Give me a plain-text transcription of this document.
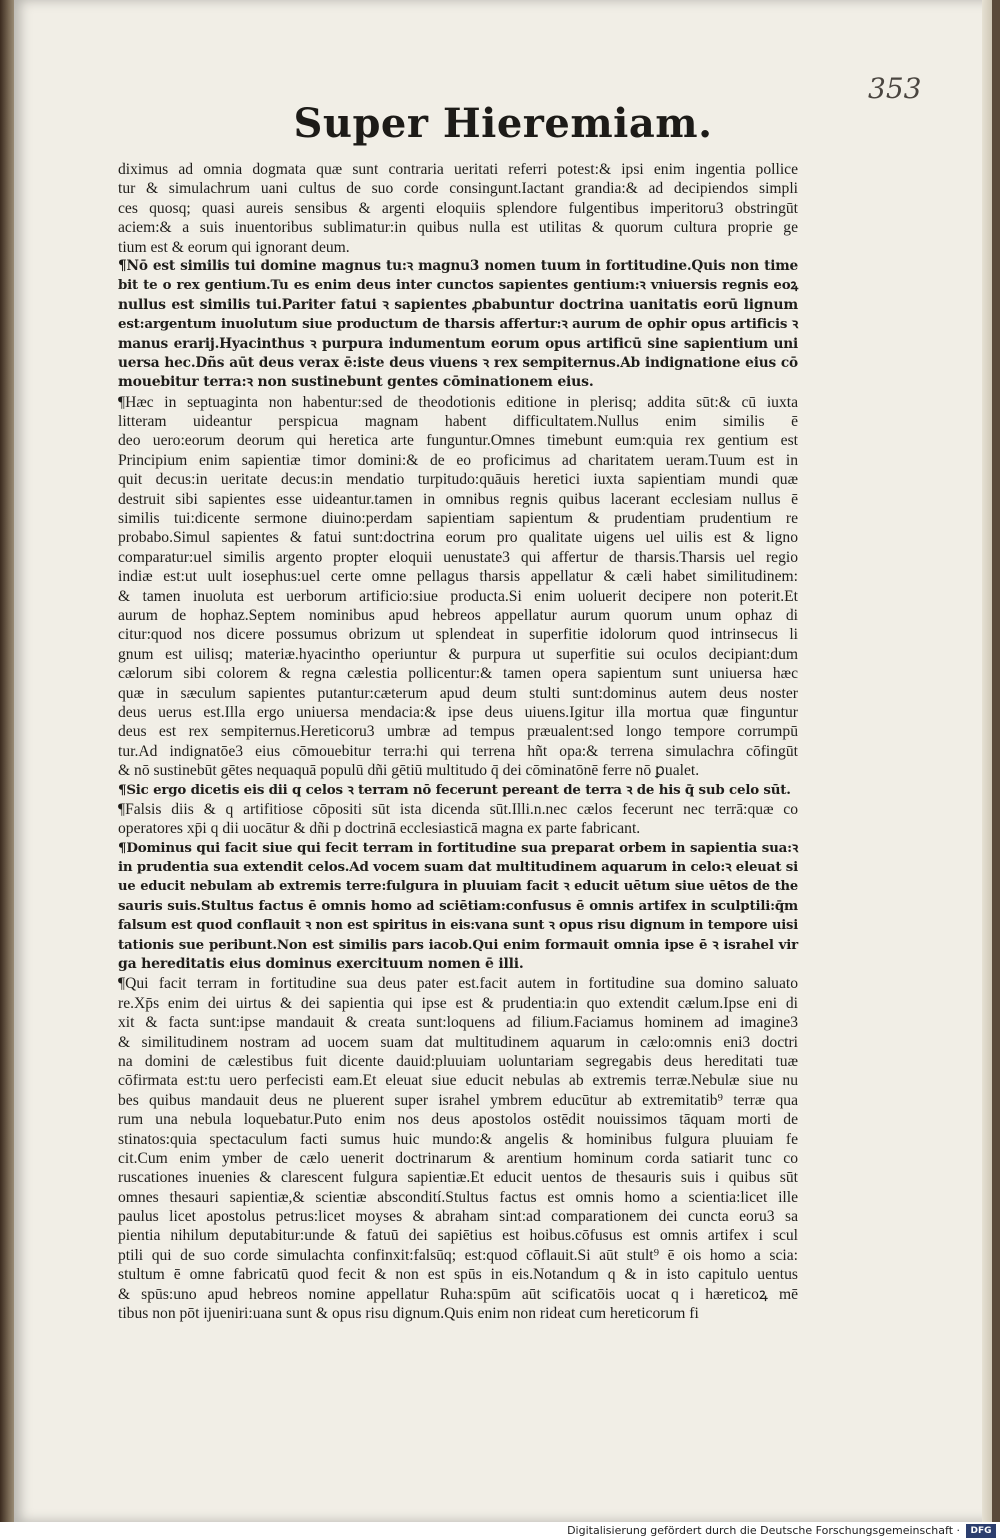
353
Super Hieremiam.
diximus ad omnia dogmata quæ sunt contraria ueritati referri potest:& ipsi enim ingentia pollice
tur & simulachrum uani cultus de suo corde consingunt.Iactant grandia:& ad decipiendos simpli
ces quosq; quasi aureis sensibus & argenti eloquiis splendore fulgentibus imperitoru3 obstringūt
aciem:& a suis inuentoribus sublimatur:in quibus nulla est utilitas & quorum cultura proprie ge
tium est & eorum qui ignorant deum.
¶Nō est similis tui domine magnus tu:ꝛ magnu3 nomen tuum in fortitudine.Quis non time
bit te o rex gentium.Tu es enim deus inter cunctos sapientes gentium:ꝛ vniuersis regnis eoꝝ
nullus est similis tui.Pariter fatui ꝛ sapientes ꝓbabuntur doctrina uanitatis eorū lignum
est:argentum inuolutum siue productum de tharsis affertur:ꝛ aurum de ophir opus artificis ꝛ
manus erarij.Hyacinthus ꝛ purpura indumentum eorum opus artificū sine sapientium uni
uersa hec.Dñs aūt deus verax ē:iste deus viuens ꝛ rex sempiternus.Ab indignatione eius cō
mouebitur terra:ꝛ non sustinebunt gentes cōminationem eius.
¶Hæc in septuaginta non habentur:sed de theodotionis editione in plerisq; addita sūt:& cū iuxta
litteram uideantur perspicua magnam habent difficultatem.Nullus enim similis ē
deo uero:eorum deorum qui heretica arte funguntur.Omnes timebunt eum:quia rex gentium est
Principium enim sapientiæ timor domini:& de eo proficimus ad charitatem ueram.Tuum est in
quit decus:in ueritate decus:in mendatio turpitudo:quāuis heretici iuxta sapientiam mundi quæ
destruit sibi sapientes esse uideantur.tamen in omnibus regnis quibus lacerant ecclesiam nullus ē
similis tui:dicente sermone diuino:perdam sapientiam sapientum & prudentiam prudentium re
probabo.Simul sapientes & fatui sunt:doctrina eorum pro qualitate uigens uel uilis est & ligno
comparatur:uel similis argento propter eloquii uenustate3 qui affertur de tharsis.Tharsis uel regio
indiæ est:ut uult iosephus:uel certe omne pellagus tharsis appellatur & cæli habet similitudinem:
& tamen inuoluta est uerborum artificio:siue producta.Si enim uoluerit decipere non poterit.Et
aurum de hophaz.Septem nominibus apud hebreos appellatur aurum quorum unum ophaz di
citur:quod nos dicere possumus obrizum ut splendeat in superfitie idolorum quod intrinsecus li
gnum est uilisq; materiæ.hyacintho operiuntur & purpura ut superfitie sui oculos decipiant:dum
cælorum sibi colorem & regna cælestia pollicentur:& tamen opera sapientum sunt uniuersa hæc
quæ in sæculum sapientes putantur:cæterum apud deum stulti sunt:dominus autem deus noster
deus uerus est.Illa ergo uniuersa mendacia:& ipse deus uiuens.Igitur illa mortua quæ finguntur
deus est rex sempiternus.Hereticoru3 umbræ ad tempus præualent:sed longo tempore corrumpū
tur.Ad indignatōe3 eius cōmouebitur terra:hi qui terrena hñt opa:& terrena simulachra cōfingūt
& nō sustinebūt gētes nequaquā populū dñi gētiū multitudo q̄ dei cōminatōnē ferre nō ꝑualet.
¶Sic ergo dicetis eis dii q celos ꝛ terram nō fecerunt pereant de terra ꝛ de his q̄ sub celo sūt.
¶Falsis diis & q artifitiose cōpositi sūt ista dicenda sūt.Illi.n.nec cælos fecerunt nec terrā:quæ co
operatores xp̄i q dii uocātur & dñi p doctrinā ecclesiasticā magna ex parte fabricant.
¶Dominus qui facit siue qui fecit terram in fortitudine sua preparat orbem in sapientia sua:ꝛ
in prudentia sua extendit celos.Ad vocem suam dat multitudinem aquarum in celo:ꝛ eleuat si
ue educit nebulam ab extremis terre:fulgura in pluuiam facit ꝛ educit uētum siue uētos de the
sauris suis.Stultus factus ē omnis homo ad sciētiam:confusus ē omnis artifex in sculptili:q̄m
falsum est quod conflauit ꝛ non est spiritus in eis:vana sunt ꝛ opus risu dignum in tempore uisi
tationis sue peribunt.Non est similis pars iacob.Qui enim formauit omnia ipse ē ꝛ israhel vir
ga hereditatis eius dominus exercituum nomen ē illi.
¶Qui facit terram in fortitudine sua deus pater est.facit autem in fortitudine sua domino saluato
re.Xp̄s enim dei uirtus & dei sapientia qui ipse est & prudentia:in quo extendit cælum.Ipse eni di
xit & facta sunt:ipse mandauit & creata sunt:loquens ad filium.Faciamus hominem ad imagine3
& similitudinem nostram ad uocem suam dat multitudinem aquarum in cælo:omnis eni3 doctri
na domini de cælestibus fuit dicente dauid:pluuiam uoluntariam segregabis deus hereditati tuæ
cōfirmata est:tu uero perfecisti eam.Et eleuat siue educit nebulas ab extremis terræ.Nebulæ siue nu
bes quibus mandauit deus ne pluerent super israhel ymbrem educūtur ab extremitatib⁹ terræ qua
rum una nebula loquebatur.Puto enim nos deus apostolos ostēdit nouissimos tāquam morti de
stinatos:quia spectaculum facti sumus huic mundo:& angelis & hominibus fulgura pluuiam fe
cit.Cum enim ymber de cælo uenerit doctrinarum & arentium hominum corda satiarit tunc co
ruscationes inuenies & clarescent fulgura sapientiæ.Et educit uentos de thesauris suis i quibus sūt
omnes thesauri sapientiæ,& scientiæ abscondití.Stultus factus est omnis homo a scientia:licet ille
paulus licet apostolus petrus:licet moyses & abraham sint:ad comparationem dei cuncta eoru3 sa
pientia nihilum deputabitur:unde & fatuū dei sapiētius est hoibus.cōfusus est omnis artifex i scul
ptili qui de suo corde simulachta confinxit:falsūq; est:quod cōflauit.Si aūt stult⁹ ē ois homo a scia:
stultum ē omne fabricatū quod fecit & non est spūs in eis.Notandum q & in isto capitulo uentus
& spūs:uno apud hebreos nomine appellatur Ruha:spūm aūt scificatōis uocat q i hæreticoꝝ mē
tibus non pōt ijueniri:uana sunt & opus risu dignum.Quis enim non rideat cum hereticorum fi
Digitalisierung gefördert durch die Deutsche Forschungsgemeinschaft ·	DFG
